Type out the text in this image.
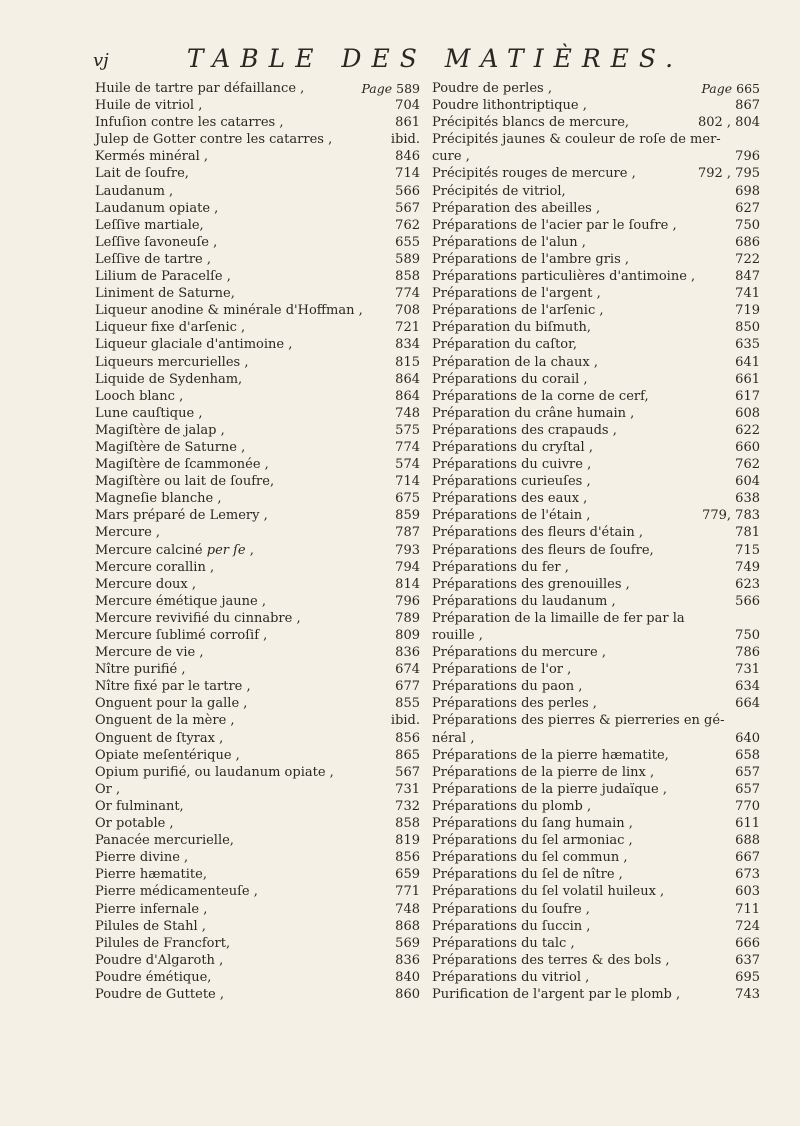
vj	TABLE DES MATIÈRES.
Huile de tartre par défaillance ,	Page 589
Huile de vitriol ,	704
Infuſion contre les catarres ,	861
Julep de Gotter contre les catarres ,	ibid.
Kermés minéral ,	846
Lait de ſoufre,	714
Laudanum ,	566
Laudanum opiate ,	567
Leſſive martiale,	762
Leſſive ſavoneuſe ,	655
Leſſive de tartre ,	589
Lilium de Paracelſe ,	858
Liniment de Saturne,	774
Liqueur anodine & minérale d'Hoffman , 708
Liqueur fixe d'arſenic ,	721
Liqueur glaciale d'antimoine ,	834
Liqueurs mercurielles ,	815
Liquide de Sydenham,	864
Looch blanc ,	864
Lune cauſtique ,	748
Magiſtère de jalap ,	575
Magiſtère de Saturne ,	774
Magiſtère de ſcammonée ,	574
Magiſtère ou lait de ſoufre,	714
Magneſie blanche ,	675
Mars préparé de Lemery ,	859
Mercure ,	787
Mercure calciné per ſe ,	793
Mercure corallin ,	794
Mercure doux ,	814
Mercure émétique jaune ,	796
Mercure revivifié du cinnabre ,	789
Mercure ſublimé corroſif ,	809
Mercure de vie ,	836
Nître purifié ,	674
Nître fixé par le tartre ,	677
Onguent pour la galle ,	855
Onguent de la mère ,	ibid.
Onguent de ſtyrax ,	856
Opiate meſentérique ,	865
Opium purifié, ou laudanum opiate ,	567
Or ,	731
Or fulminant,	732
Or potable ,	858
Panacée mercurielle,	819
Pierre divine ,	856
Pierre hæmatite,	659
Pierre médicamenteuſe ,	771
Pierre infernale ,	748
Pilules de Stahl ,	868
Pilules de Francfort,	569
Poudre d'Algaroth ,	836
Poudre émétique,	840
Poudre de Guttete ,	860
Poudre de perles ,	Page 665
Poudre lithontriptique ,	867
Précipités blancs de mercure,	802 , 804
Précipités jaunes & couleur de roſe de mer-
cure ,	796
Précipités rouges de mercure ,	792 , 795
Précipités de vitriol,	698
Préparation des abeilles ,	627
Préparations de l'acier par le ſoufre ,	750
Préparations de l'alun ,	686
Préparations de l'ambre gris ,	722
Préparations particulières d'antimoine ,	847
Préparations de l'argent ,	741
Préparations de l'arſenic ,	719
Préparation du biſmuth,	850
Préparation du caſtor,	635
Préparation de la chaux ,	641
Préparations du corail ,	661
Préparations de la corne de cerf,	617
Préparation du crâne humain ,	608
Préparations des crapauds ,	622
Préparations du cryſtal ,	660
Préparations du cuivre ,	762
Préparations curieuſes ,	604
Préparations des eaux ,	638
Préparations de l'étain ,	779, 783
Préparations des fleurs d'étain ,	781
Préparations des fleurs de ſoufre,	715
Préparations du fer ,	749
Préparations des grenouilles ,	623
Préparations du laudanum ,	566
Préparation de la limaille de fer par la
rouille ,	750
Préparations du mercure ,	786
Préparations de l'or ,	731
Préparations du paon ,	634
Préparations des perles ,	664
Préparations des pierres & pierreries en gé-
néral ,	640
Préparations de la pierre hæmatite,	658
Préparations de la pierre de linx ,	657
Préparations de la pierre judaïque ,	657
Préparations du plomb ,	770
Préparations du ſang humain ,	611
Préparations du ſel armoniac ,	688
Préparations du ſel commun ,	667
Préparations du ſel de nître ,	673
Préparations du ſel volatil huileux ,	603
Préparations du ſoufre ,	711
Préparations du ſuccin ,	724
Préparations du talc ,	666
Préparations des terres & des bols ,	637
Préparations du vitriol ,	695
Purification de l'argent par le plomb ,	743
